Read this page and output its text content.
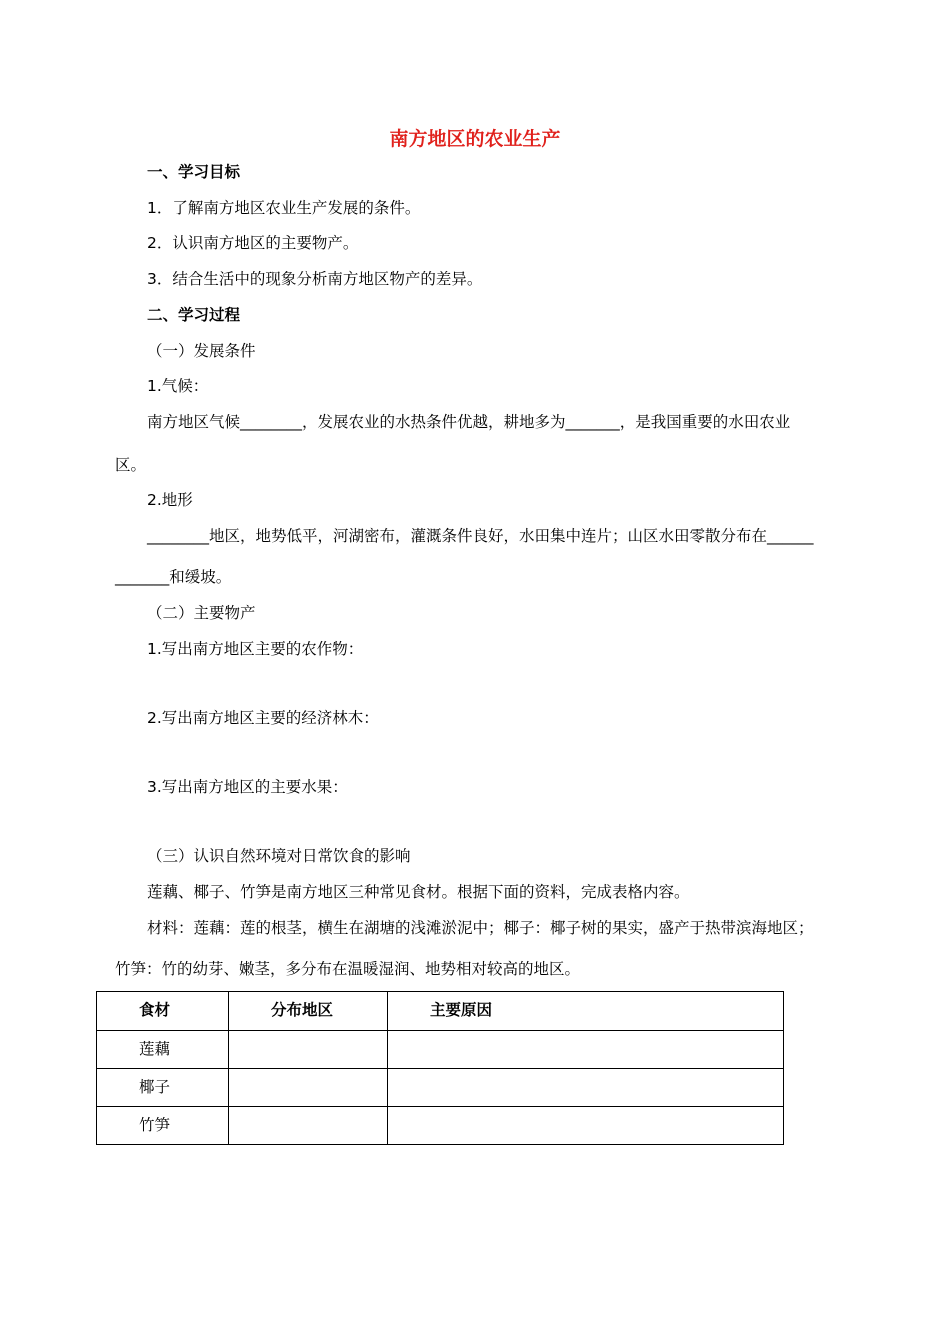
南方地区的农业生产
一、学习目标
1．了解南方地区农业生产发展的条件。
2．认识南方地区的主要物产。
3．结合生活中的现象分析南方地区物产的差异。
二、学习过程
（一）发展条件
1.气候：
南方地区气候________，发展农业的水热条件优越，耕地多为_______，是我国重要的水田农业
区。
2.地形
________地区，地势低平，河湖密布，灌溉条件良好，水田集中连片；山区水田零散分布在______
_______和缓坡。
（二）主要物产
1.写出南方地区主要的农作物：
2.写出南方地区主要的经济林木：
3.写出南方地区的主要水果：
（三）认识自然环境对日常饮食的影响
莲藕、椰子、竹笋是南方地区三种常见食材。根据下面的资料，完成表格内容。
材料：莲藕：莲的根茎，横生在湖塘的浅滩淤泥中；椰子：椰子树的果实，盛产于热带滨海地区；
竹笋：竹的幼芽、嫩茎，多分布在温暖湿润、地势相对较高的地区。
食材	分布地区	主要原因

莲藕		

椰子		

竹笋		
